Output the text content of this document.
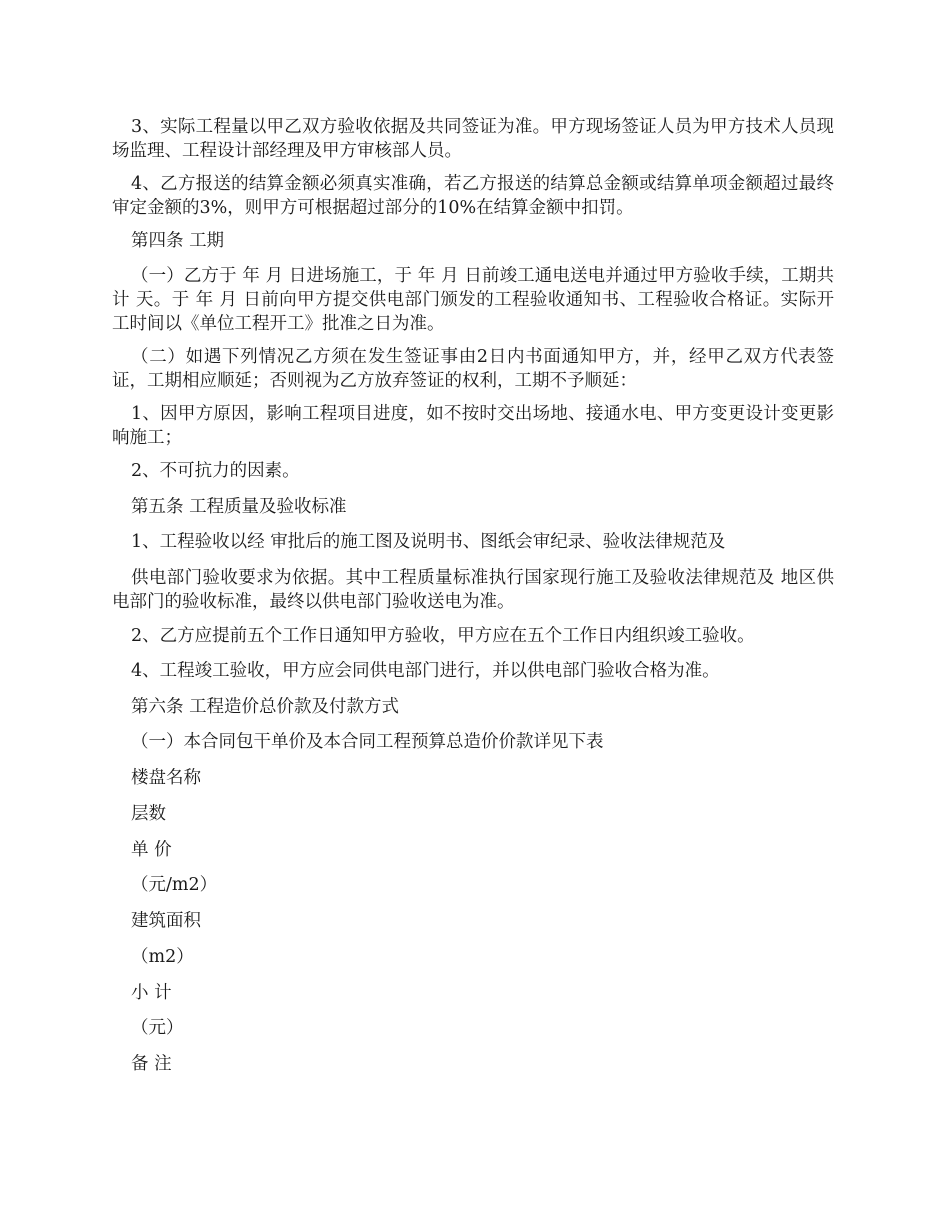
3、实际工程量以甲乙双方验收依据及共同签证为准。甲方现场签证人员为甲方技术人员现场监理、工程设计部经理及甲方审核部人员。

4、乙方报送的结算金额必须真实准确，若乙方报送的结算总金额或结算单项金额超过最终审定金额的3%，则甲方可根据超过部分的10%在结算金额中扣罚。

第四条 工期

（一）乙方于 年 月 日进场施工，于 年 月 日前竣工通电送电并通过甲方验收手续，工期共计 天。于 年 月 日前向甲方提交供电部门颁发的工程验收通知书、工程验收合格证。实际开工时间以《单位工程开工》批准之日为准。

（二）如遇下列情况乙方须在发生签证事由2日内书面通知甲方，并，经甲乙双方代表签证，工期相应顺延；否则视为乙方放弃签证的权利，工期不予顺延：

1、因甲方原因，影响工程项目进度，如不按时交出场地、接通水电、甲方变更设计变更影响施工；

2、不可抗力的因素。

第五条 工程质量及验收标准

1、工程验收以经 审批后的施工图及说明书、图纸会审纪录、验收法律规范及

供电部门验收要求为依据。其中工程质量标准执行国家现行施工及验收法律规范及 地区供电部门的验收标准，最终以供电部门验收送电为准。

2、乙方应提前五个工作日通知甲方验收，甲方应在五个工作日内组织竣工验收。

4、工程竣工验收，甲方应会同供电部门进行，并以供电部门验收合格为准。

第六条 工程造价总价款及付款方式

（一）本合同包干单价及本合同工程预算总造价价款详见下表

楼盘名称

层数

单 价

（元/m2）

建筑面积

（m2）

小 计

（元）

备 注
